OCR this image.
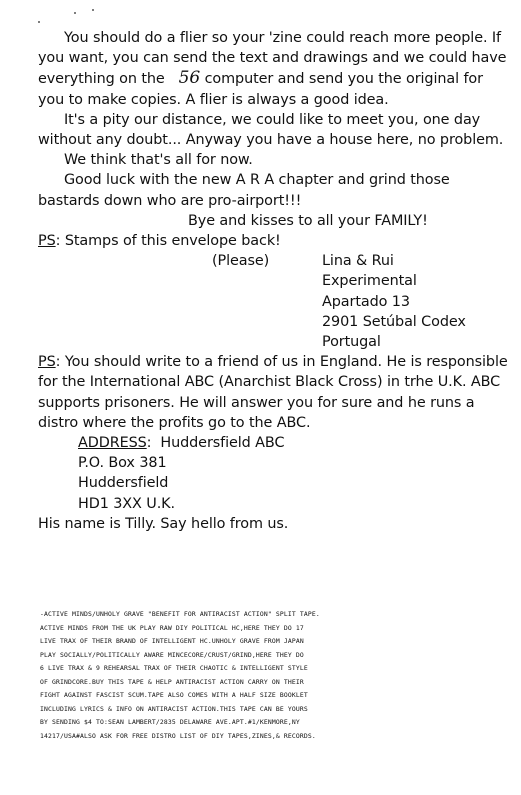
You should do a flier so your 'zine could reach more people. If you want, you can send the text and drawings and we could have everything on the 56 computer and send you the original for you to make copies. A flier is always a good idea.

It's a pity our distance, we could like to meet you, one day without any doubt... Anyway you have a house here, no problem.

We think that's all for now.

Good luck with the new A R A chapter and grind those bastards down who are pro-airport!!!

Bye and kisses to all your FAMILY!

PS: Stamps of this envelope back!

(Please)	Lina & Rui
Experimental
Apartado 13
2901 Setúbal Codex
Portugal

PS: You should write to a friend of us in England. He is responsible for the International ABC (Anarchist Black Cross) in trhe U.K. ABC supports prisoners. He will answer you for sure and he runs a distro where the profits go to the ABC.

ADDRESS:  Huddersfield ABC
P.O. Box 381
Huddersfield
HD1 3XX U.K.

His name is Tilly. Say hello from us.

-ACTIVE MINDS/UNHOLY GRAVE "BENEFIT FOR ANTIRACIST ACTION" SPLIT TAPE.
ACTIVE MINDS FROM THE UK PLAY RAW DIY POLITICAL HC,HERE THEY DO 17
LIVE TRAX OF THEIR BRAND OF INTELLIGENT HC.UNHOLY GRAVE FROM JAPAN
PLAY SOCIALLY/POLITICALLY AWARE MINCECORE/CRUST/GRIND,HERE THEY DO
6 LIVE TRAX & 9 REHEARSAL TRAX OF THEIR CHAOTIC & INTELLIGENT STYLE
OF GRINDCORE.BUY THIS TAPE & HELP ANTIRACIST ACTION CARRY ON THEIR
FIGHT AGAINST FASCIST SCUM.TAPE ALSO COMES WITH A HALF SIZE BOOKLET
INCLUDING LYRICS & INFO ON ANTIRACIST ACTION.THIS TAPE CAN BE YOURS
BY SENDING $4 TO:SEAN LAMBERT/2835 DELAWARE AVE.APT.#1/KENMORE,NY
14217/USA#ALSO ASK FOR FREE DISTRO LIST OF DIY TAPES,ZINES,& RECORDS.
